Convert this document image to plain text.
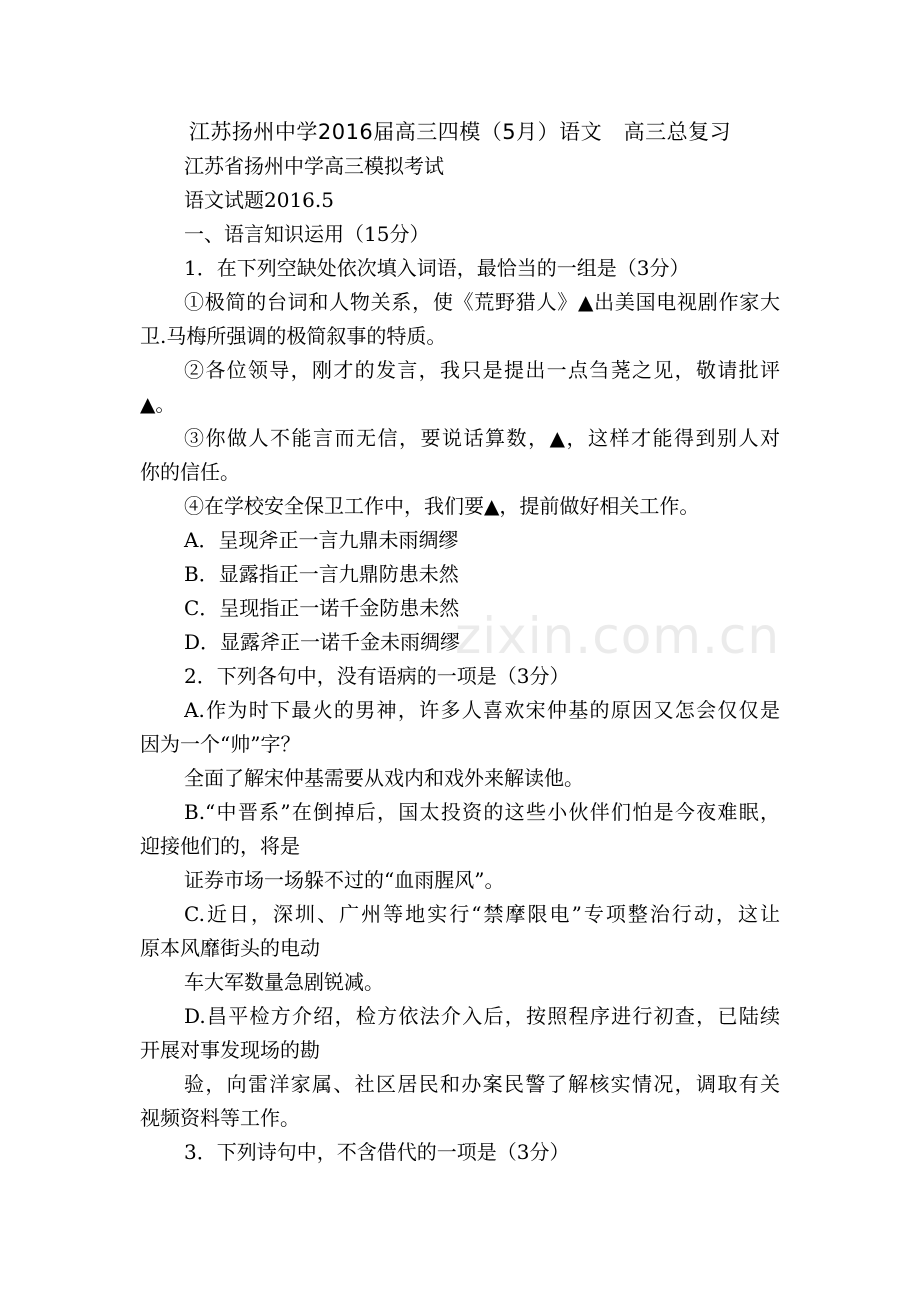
zixin.com.cn
江苏扬州中学2016届高三四模（5月）语文　高三总复习
江苏省扬州中学高三模拟考试
语文试题2016.5
一、语言知识运用（15分）
1．在下列空缺处依次填入词语，最恰当的一组是（3分）
①极简的台词和人物关系，使《荒野猎人》▲出美国电视剧作家大
卫.马梅所强调的极简叙事的特质。
②各位领导，刚才的发言，我只是提出一点刍荛之见，敬请批评
▲。
③你做人不能言而无信，要说话算数，▲，这样才能得到别人对
你的信任。
④在学校安全保卫工作中，我们要▲，提前做好相关工作。
A．呈现斧正一言九鼎未雨绸缪
B．显露指正一言九鼎防患未然
C．呈现指正一诺千金防患未然
D．显露斧正一诺千金未雨绸缪
2．下列各句中，没有语病的一项是（3分）
A.作为时下最火的男神，许多人喜欢宋仲基的原因又怎会仅仅是
因为一个“帅”字？
全面了解宋仲基需要从戏内和戏外来解读他。
B.“中晋系”在倒掉后，国太投资的这些小伙伴们怕是今夜难眠，
迎接他们的，将是
证券市场一场躲不过的“血雨腥风”。
C.近日，深圳、广州等地实行“禁摩限电”专项整治行动，这让
原本风靡街头的电动
车大军数量急剧锐减。
D.昌平检方介绍，检方依法介入后，按照程序进行初查，已陆续
开展对事发现场的勘
验，向雷洋家属、社区居民和办案民警了解核实情况，调取有关
视频资料等工作。
3．下列诗句中，不含借代的一项是（3分）
